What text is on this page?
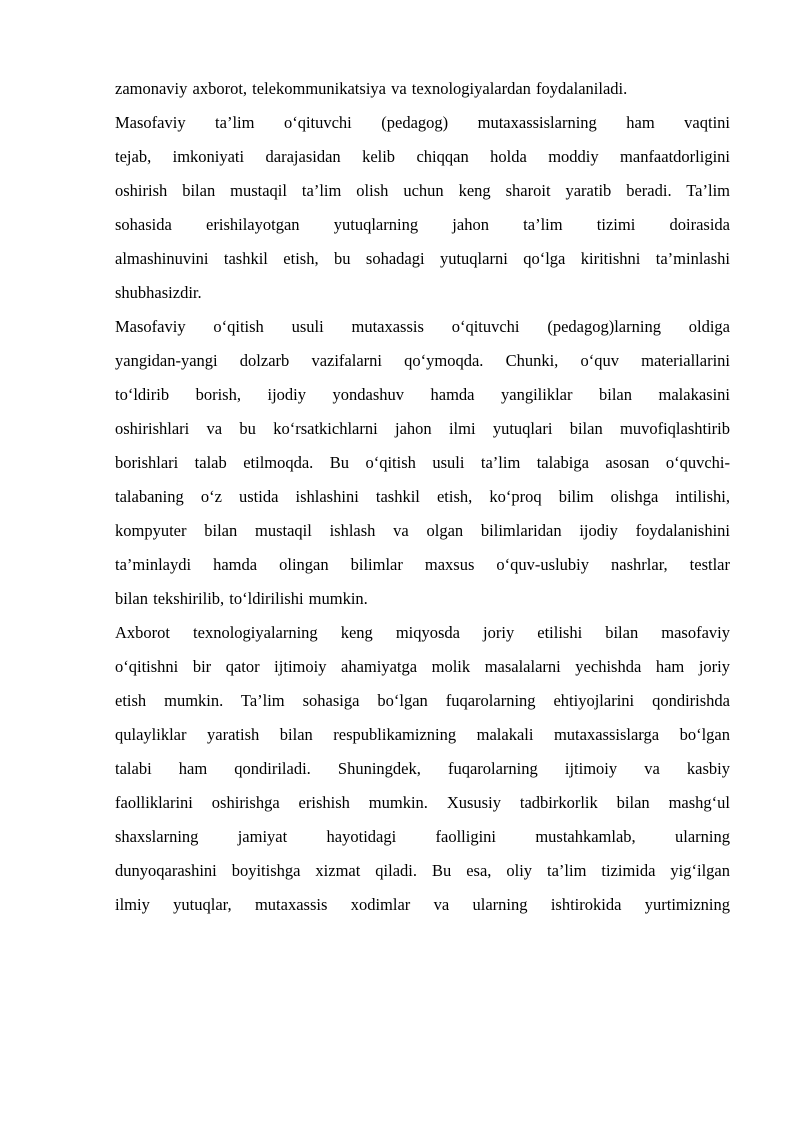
zamonaviy axborot, telekommunikatsiya va texnologiyalardan foydalaniladi.
Masofaviy ta’lim o‘qituvchi (pedagog) mutaxassislarning ham vaqtini
tejab, imkoniyati darajasidan kelib chiqqan holda moddiy manfaatdorligini
oshirish bilan mustaqil ta’lim olish uchun keng sharoit yaratib beradi. Ta’lim
sohasida erishilayotgan yutuqlarning jahon ta’lim tizimi doirasida
almashinuvini tashkil etish, bu sohadagi yutuqlarni qo‘lga kiritishni ta’minlashi
shubhasizdir.
Masofaviy o‘qitish usuli mutaxassis o‘qituvchi (pedagog)larning oldiga
yangidan-yangi dolzarb vazifalarni qo‘ymoqda. Chunki, o‘quv materiallarini
to‘ldirib borish, ijodiy yondashuv hamda yangiliklar bilan malakasini
oshirishlari va bu ko‘rsatkichlarni jahon ilmi yutuqlari bilan muvofiqlashtirib
borishlari talab etilmoqda. Bu o‘qitish usuli ta’lim talabiga asosan o‘quvchi-
talabaning o‘z ustida ishlashini tashkil etish, ko‘proq bilim olishga intilishi,
kompyuter bilan mustaqil ishlash va olgan bilimlaridan ijodiy foydalanishini
ta’minlaydi hamda olingan bilimlar maxsus o‘quv-uslubiy nashrlar, testlar
bilan tekshirilib, to‘ldirilishi mumkin.
Axborot texnologiyalarning keng miqyosda joriy etilishi bilan masofaviy
o‘qitishni bir qator ijtimoiy ahamiyatga molik masalalarni yechishda ham joriy
etish mumkin. Ta’lim sohasiga bo‘lgan fuqarolarning ehtiyojlarini qondirishda
qulayliklar yaratish bilan respublikamizning malakali mutaxassislarga bo‘lgan
talabi ham qondiriladi. Shuningdek, fuqarolarning ijtimoiy va kasbiy
faolliklarini oshirishga erishish mumkin. Xususiy tadbirkorlik bilan mashg‘ul
shaxslarning jamiyat hayotidagi faolligini mustahkamlab, ularning
dunyoqarashini boyitishga xizmat qiladi. Bu esa, oliy ta’lim tizimida yig‘ilgan
ilmiy yutuqlar, mutaxassis xodimlar va ularning ishtirokida yurtimizning
